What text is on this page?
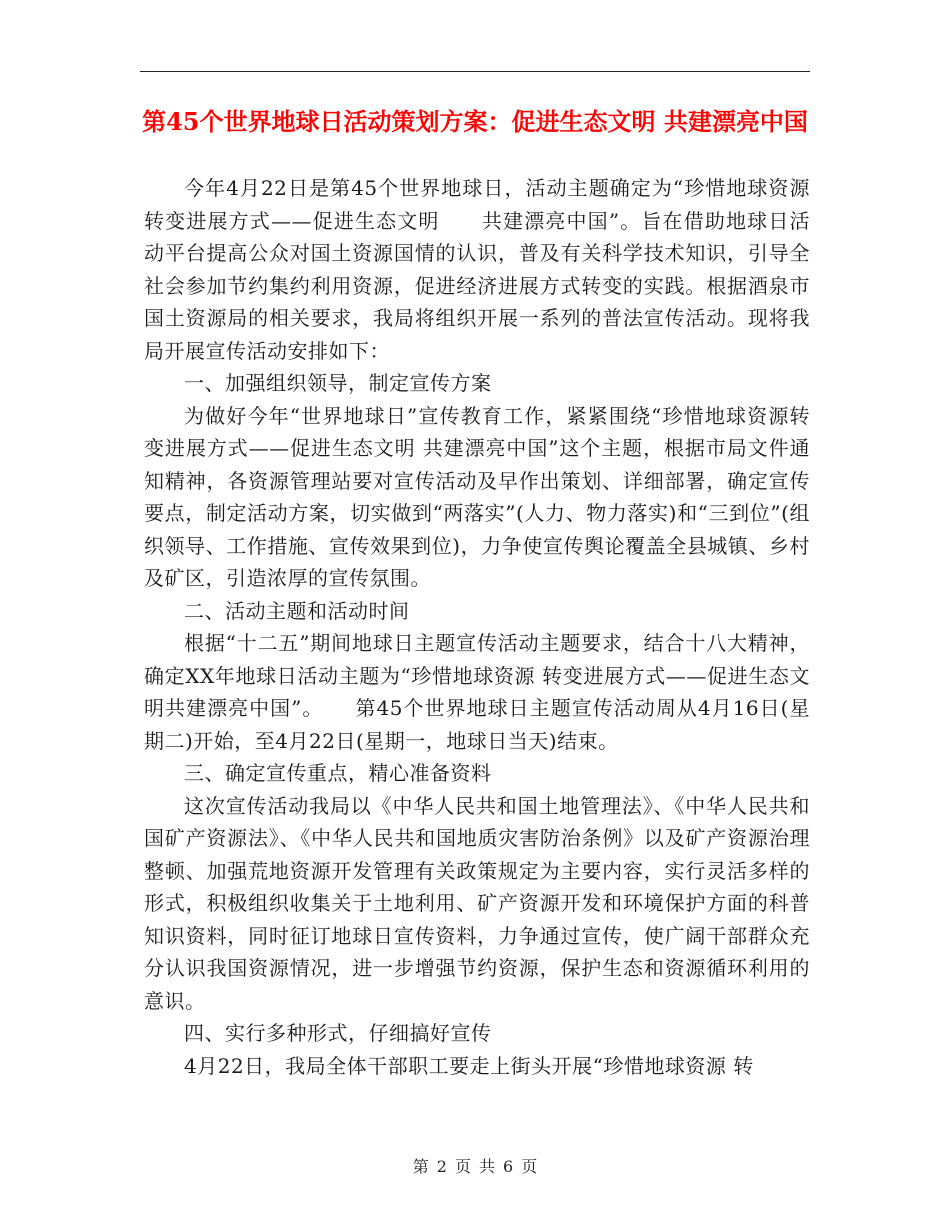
第45个世界地球日活动策划方案：促进生态文明 共建漂亮中国

今年4月22日是第45个世界地球日，活动主题确定为“珍惜地球资源转变进展方式——促进生态文明　　共建漂亮中国”。旨在借助地球日活动平台提高公众对国土资源国情的认识，普及有关科学技术知识，引导全社会参加节约集约利用资源，促进经济进展方式转变的实践。根据酒泉市国土资源局的相关要求，我局将组织开展一系列的普法宣传活动。现将我局开展宣传活动安排如下：

一、加强组织领导，制定宣传方案

为做好今年“世界地球日”宣传教育工作，紧紧围绕“珍惜地球资源转变进展方式——促进生态文明 共建漂亮中国”这个主题，根据市局文件通知精神，各资源管理站要对宣传活动及早作出策划、详细部署，确定宣传要点，制定活动方案，切实做到“两落实”(人力、物力落实)和“三到位”(组织领导、工作措施、宣传效果到位)，力争使宣传舆论覆盖全县城镇、乡村及矿区，引造浓厚的宣传氛围。

二、活动主题和活动时间

根据“十二五”期间地球日主题宣传活动主题要求，结合十八大精神，确定XX年地球日活动主题为“珍惜地球资源 转变进展方式——促进生态文明共建漂亮中国”。　　第45个世界地球日主题宣传活动周从4月16日(星期二)开始，至4月22日(星期一，地球日当天)结束。

三、确定宣传重点，精心准备资料

这次宣传活动我局以《中华人民共和国土地管理法》、《中华人民共和国矿产资源法》、《中华人民共和国地质灾害防治条例》以及矿产资源治理整顿、加强荒地资源开发管理有关政策规定为主要内容，实行灵活多样的形式，积极组织收集关于土地利用、矿产资源开发和环境保护方面的科普知识资料，同时征订地球日宣传资料，力争通过宣传，使广阔干部群众充分认识我国资源情况，进一步增强节约资源，保护生态和资源循环利用的意识。

四、实行多种形式，仔细搞好宣传

4月22日，我局全体干部职工要走上街头开展“珍惜地球资源 转

第 2 页 共 6 页
